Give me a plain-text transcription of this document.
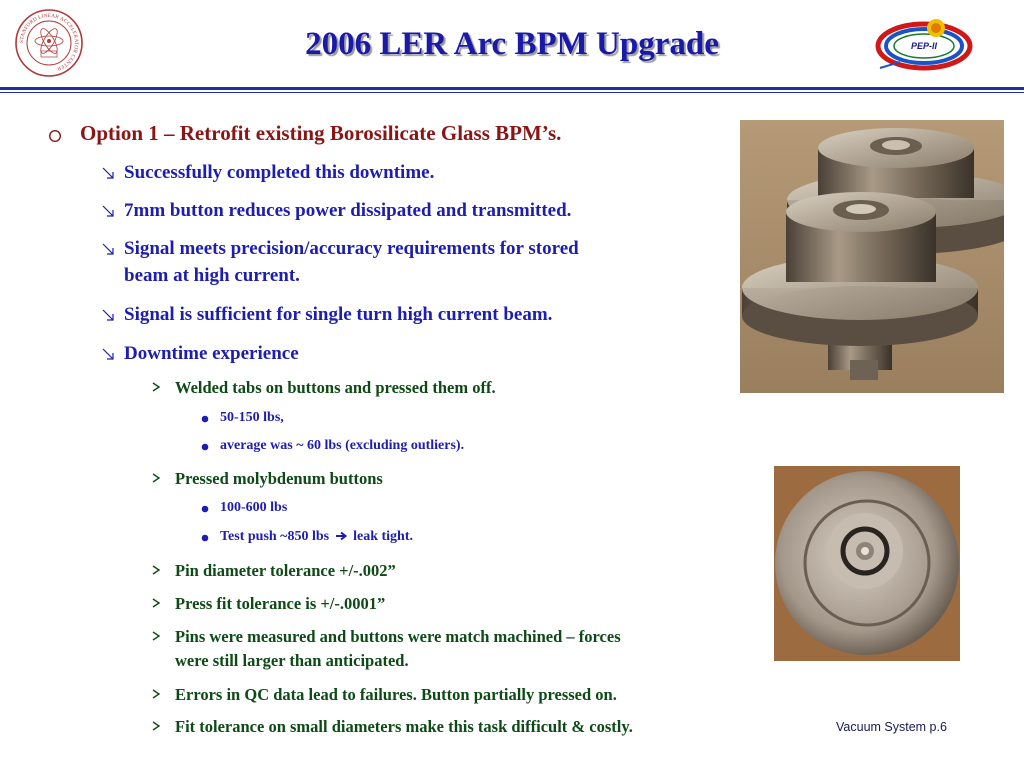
STANFORD LINEAR ACCELERATOR CENTER
PEP-II
2006 LER Arc BPM Upgrade
Option 1 – Retrofit existing Borosilicate Glass BPM’s.
Successfully completed this downtime.
7mm button reduces power dissipated and transmitted.
Signal meets precision/accuracy requirements for stored
beam at high current.
Signal is sufficient for single turn high current beam.
Downtime experience
Welded tabs on buttons and pressed them off.
50-150 lbs,
average was ~ 60 lbs (excluding outliers).
Pressed molybdenum buttons
100-600 lbs
Test push ~850 lbs leak tight.
Pin diameter tolerance +/-.002”
Press fit tolerance is +/-.0001”
Pins were measured and buttons were match machined – forces
were still larger than anticipated.
Errors in QC data lead to failures. Button partially pressed on.
Fit tolerance on small diameters make this task difficult & costly.	Vacuum System p.6
